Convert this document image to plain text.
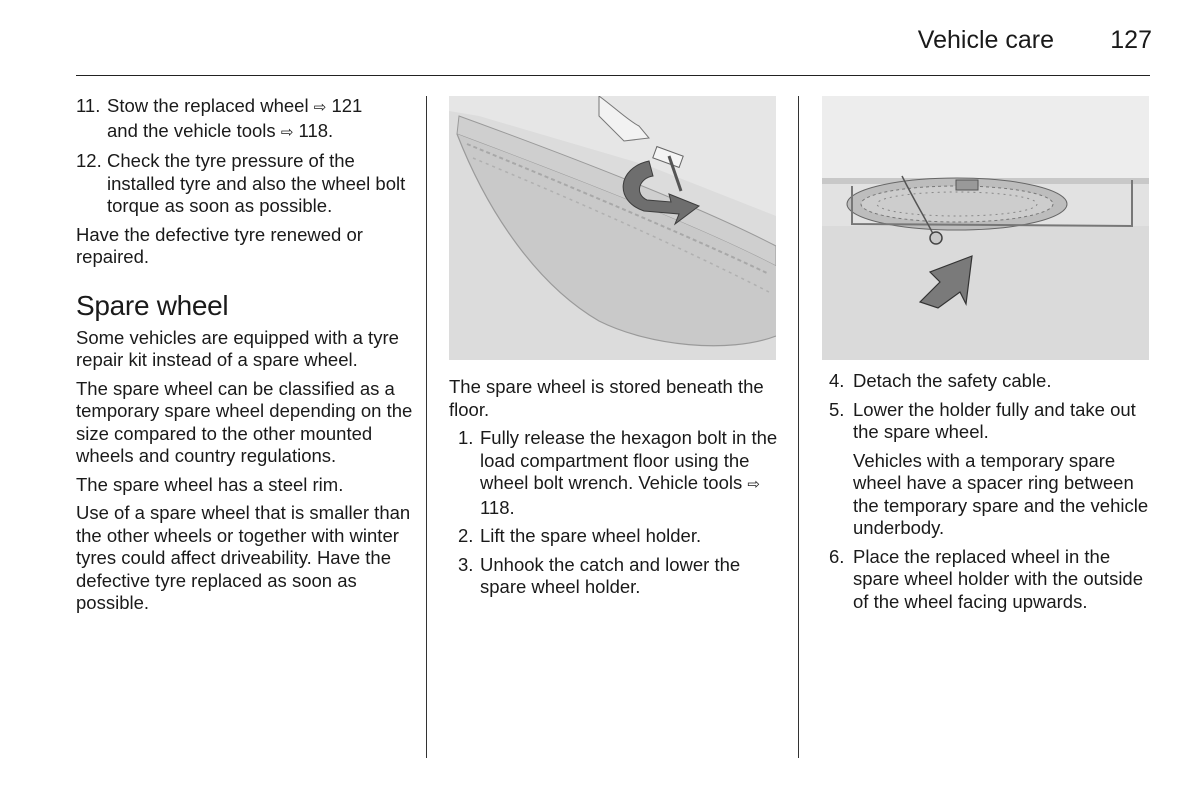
Vehicle care	127
11. Stow the replaced wheel ⇨ 121
and the vehicle tools ⇨ 118.
12. Check the tyre pressure of the installed tyre and also the wheel bolt torque as soon as possible.

Have the defective tyre renewed or repaired.

Spare wheel

Some vehicles are equipped with a tyre repair kit instead of a spare wheel.

The spare wheel can be classified as a temporary spare wheel depending on the size compared to the other mounted wheels and country regulations.

The spare wheel has a steel rim.

Use of a spare wheel that is smaller than the other wheels or together with winter tyres could affect driveability. Have the defective tyre replaced as soon as possible.

The spare wheel is stored beneath the floor.

1. Fully release the hexagon bolt in the load compartment floor using the wheel bolt wrench. Vehicle tools ⇨ 118.
2. Lift the spare wheel holder.
3. Unhook the catch and lower the spare wheel holder.
4. Detach the safety cable.
5. Lower the holder fully and take out the spare wheel.

Vehicles with a temporary spare wheel have a spacer ring between the temporary spare and the vehicle underbody.

6. Place the replaced wheel in the spare wheel holder with the outside of the wheel facing upwards.
